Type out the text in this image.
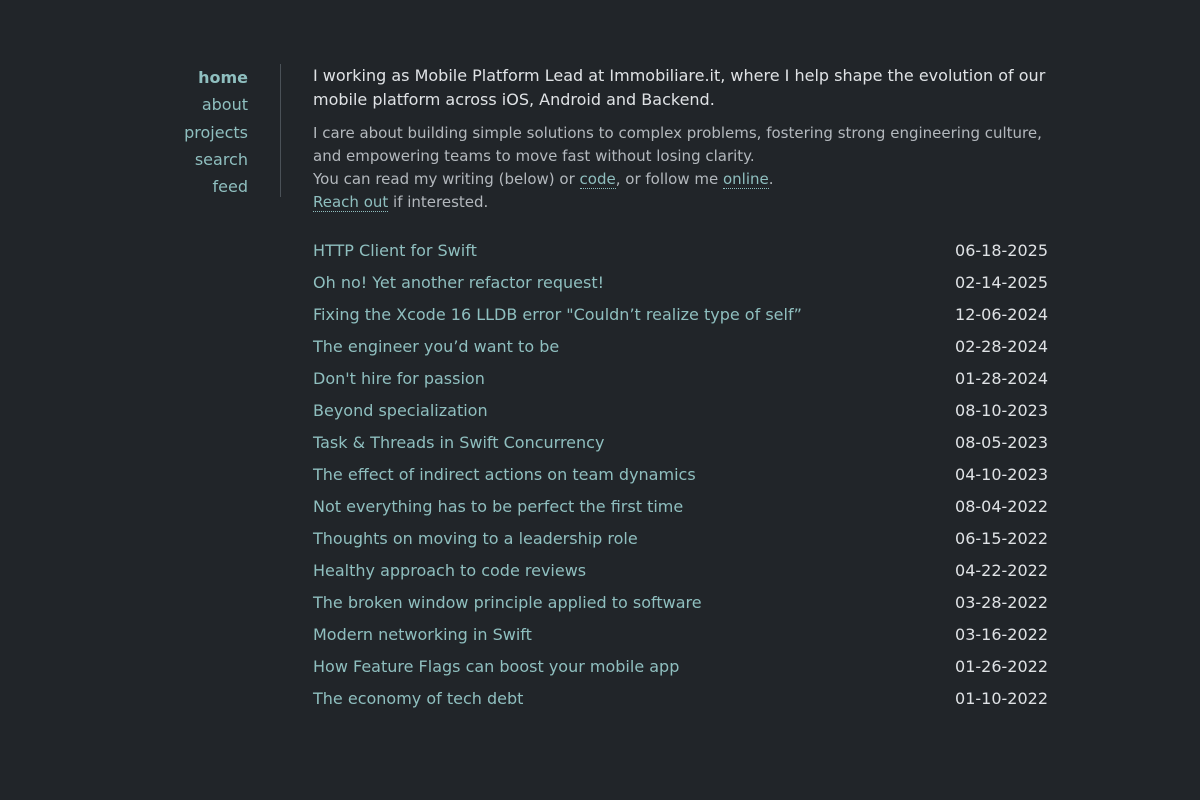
home
about
projects
search
feed

I working as Mobile Platform Lead at Immobiliare.it, where I help shape the evolution of our mobile platform across iOS, Android and Backend.

I care about building simple solutions to complex problems, fostering strong engineering culture, and empowering teams to move fast without losing clarity.
You can read my writing (below) or code, or follow me online.
Reach out if interested.

HTTP Client for Swift	06-18-2025
Oh no! Yet another refactor request!	02-14-2025
Fixing the Xcode 16 LLDB error "Couldn’t realize type of self”	12-06-2024
The engineer you’d want to be	02-28-2024
Don't hire for passion	01-28-2024
Beyond specialization	08-10-2023
Task & Threads in Swift Concurrency	08-05-2023
The effect of indirect actions on team dynamics	04-10-2023
Not everything has to be perfect the first time	08-04-2022
Thoughts on moving to a leadership role	06-15-2022
Healthy approach to code reviews	04-22-2022
The broken window principle applied to software	03-28-2022
Modern networking in Swift	03-16-2022
How Feature Flags can boost your mobile app	01-26-2022
The economy of tech debt	01-10-2022
